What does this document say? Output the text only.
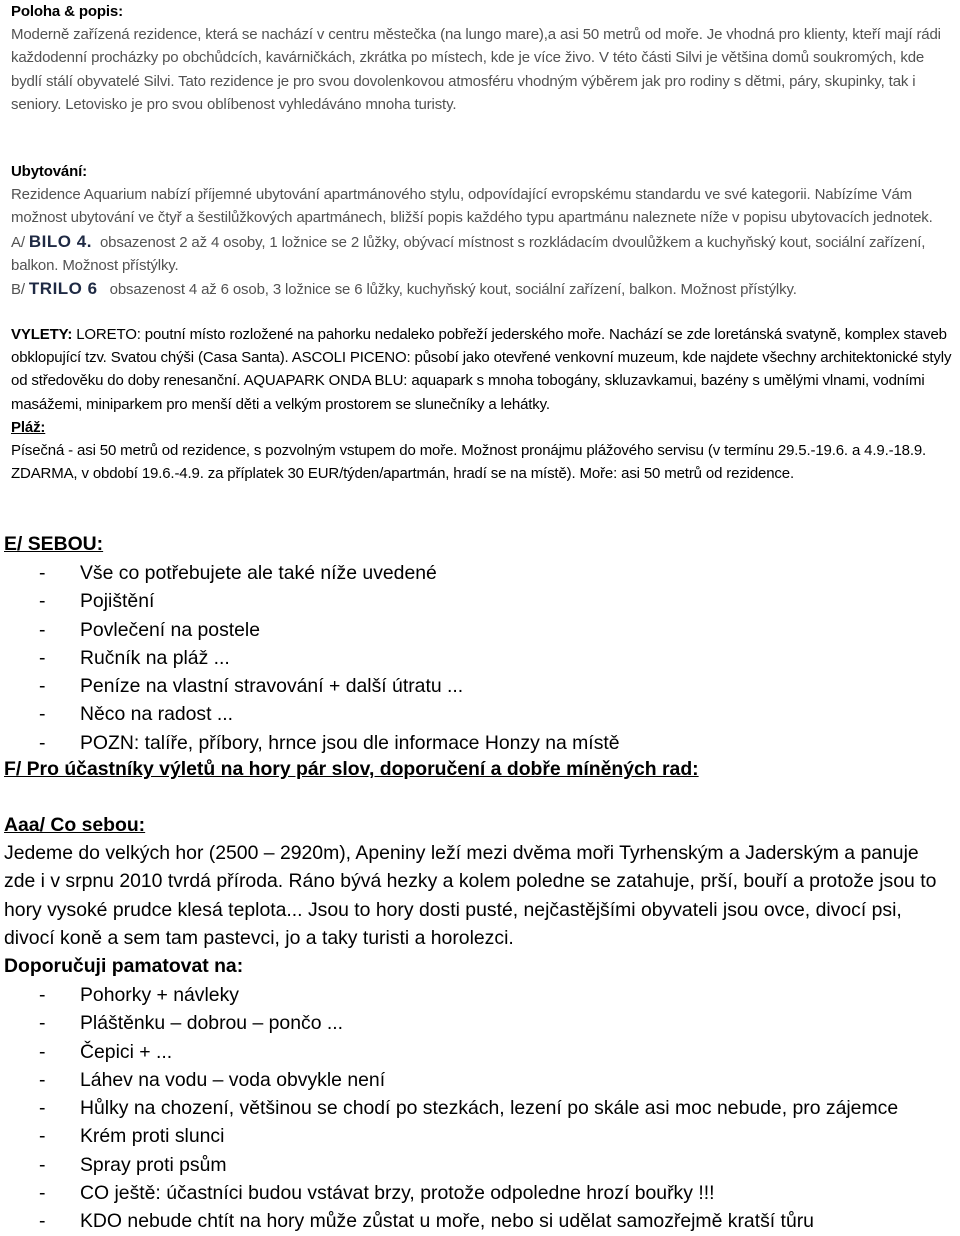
Poloha & popis:

Moderně zařízená rezidence, která se nachází v centru městečka (na lungo mare),a asi 50 metrů od moře. Je vhodná pro klienty, kteří mají rádi každodenní procházky po obchůdcích, kavárničkách, zkrátka po místech, kde je více živo. V této části Silvi je většina domů soukromých, kde bydlí stálí obyvatelé Silvi. Tato rezidence je pro svou dovolenkovou atmosféru vhodným výběrem jak pro rodiny s dětmi, páry, skupinky, tak i seniory. Letovisko je pro svou oblíbenost vyhledáváno mnoha turisty.

Ubytování:

Rezidence Aquarium nabízí příjemné ubytování apartmánového stylu, odpovídající evropskému standardu ve své kategorii. Nabízíme Vám možnost ubytování ve čtyř a šestilůžkových apartmánech, bližší popis každého typu apartmánu naleznete níže v popisu ubytovacích jednotek.

A/ BILO 4. obsazenost 2 až 4 osoby, 1 ložnice se 2 lůžky, obývací místnost s rozkládacím dvoulůžkem a kuchyňský kout, sociální zařízení, balkon. Možnost přístýlky.

B/ TRILO 6 obsazenost 4 až 6 osob, 3 ložnice se 6 lůžky, kuchyňský kout, sociální zařízení, balkon. Možnost přístýlky.

VYLETY: LORETO: poutní místo rozložené na pahorku nedaleko pobřeží jederského moře. Nachází se zde loretánská svatyně, komplex staveb obklopující tzv. Svatou chýši (Casa Santa). ASCOLI PICENO: působí jako otevřené venkovní muzeum, kde najdete všechny architektonické styly od středověku do doby renesanční. AQUAPARK ONDA BLU: aquapark s mnoha tobogány, skluzavkamui, bazény s umělými vlnami, vodními masážemi, miniparkem pro menší děti a velkým prostorem se slunečníky a lehátky.

Pláž:

Písečná - asi 50 metrů od rezidence, s pozvolným vstupem do moře. Možnost pronájmu plážového servisu (v termínu 29.5.-19.6. a 4.9.-18.9. ZDARMA, v období 19.6.-4.9. za příplatek 30 EUR/týden/apartmán, hradí se na místě). Moře: asi 50 metrů od rezidence.

E/ SEBOU:
- Vše co potřebujete ale také níže uvedené
- Pojištění
- Povlečení na postele
- Ručník na pláž ...
- Peníze na vlastní stravování + další útratu ...
- Něco na radost ...
- POZN: talíře, příbory, hrnce jsou dle informace Honzy na místě
F/ Pro účastníky výletů na hory pár slov, doporučení a dobře míněných rad:
Aaa/ Co sebou:

Jedeme do velkých hor (2500 – 2920m), Apeniny leží mezi dvěma moři Tyrhenským a Jaderským a panuje zde i v srpnu 2010 tvrdá příroda. Ráno bývá hezky a kolem poledne se zatahuje, prší, bouří a protože jsou to hory vysoké prudce klesá teplota... Jsou to hory dosti pusté, nejčastějšími obyvateli jsou ovce, divocí psi, divocí koně a sem tam pastevci, jo a taky turisti a horolezci.

Doporučuji pamatovat na:

- Pohorky + návleky
- Pláštěnku – dobrou – pončo ...
- Čepici + ...
- Láhev na vodu – voda obvykle není
- Hůlky na chození, většinou se chodí po stezkách, lezení po skále asi moc nebude, pro zájemce
- Krém proti slunci
- Spray proti psům
- CO ještě: účastníci budou vstávat brzy, protože odpoledne hrozí bouřky !!!
- KDO nebude chtít na hory může zůstat u moře, nebo si udělat samozřejmě kratší tůru
